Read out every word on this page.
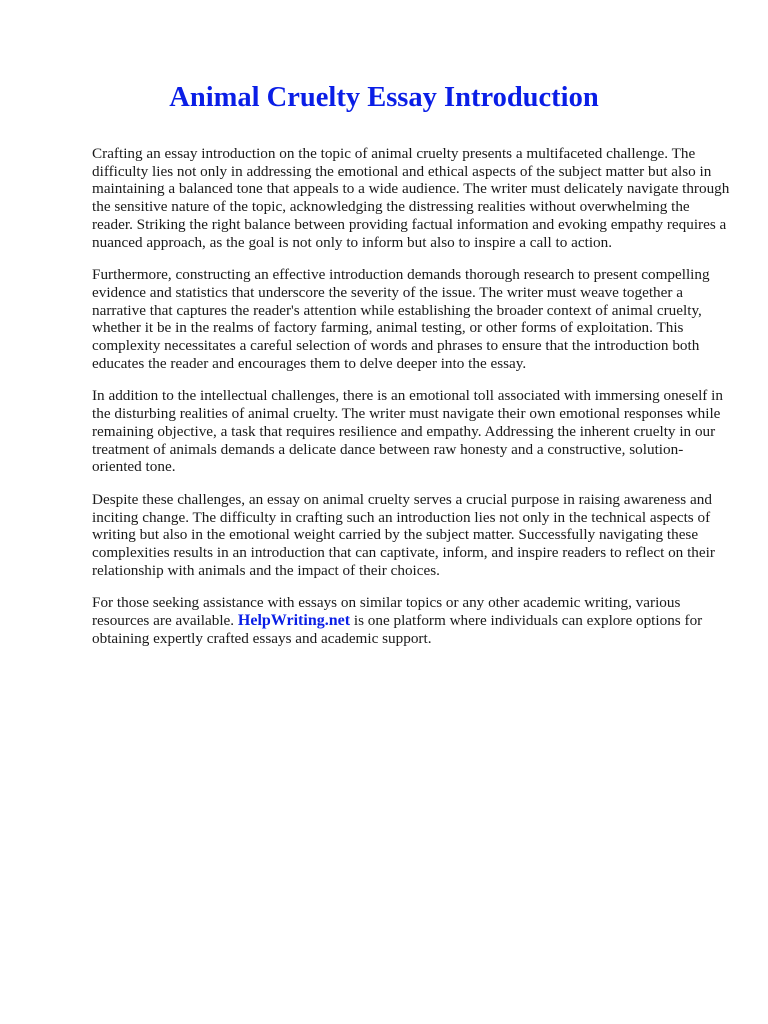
Animal Cruelty Essay Introduction

Crafting an essay introduction on the topic of animal cruelty presents a multifaceted challenge. The difficulty lies not only in addressing the emotional and ethical aspects of the subject matter but also in maintaining a balanced tone that appeals to a wide audience. The writer must delicately navigate through the sensitive nature of the topic, acknowledging the distressing realities without overwhelming the reader. Striking the right balance between providing factual information and evoking empathy requires a nuanced approach, as the goal is not only to inform but also to inspire a call to action.

Furthermore, constructing an effective introduction demands thorough research to present compelling evidence and statistics that underscore the severity of the issue. The writer must weave together a narrative that captures the reader's attention while establishing the broader context of animal cruelty, whether it be in the realms of factory farming, animal testing, or other forms of exploitation. This complexity necessitates a careful selection of words and phrases to ensure that the introduction both educates the reader and encourages them to delve deeper into the essay.

In addition to the intellectual challenges, there is an emotional toll associated with immersing oneself in the disturbing realities of animal cruelty. The writer must navigate their own emotional responses while remaining objective, a task that requires resilience and empathy. Addressing the inherent cruelty in our treatment of animals demands a delicate dance between raw honesty and a constructive, solution-oriented tone.

Despite these challenges, an essay on animal cruelty serves a crucial purpose in raising awareness and inciting change. The difficulty in crafting such an introduction lies not only in the technical aspects of writing but also in the emotional weight carried by the subject matter. Successfully navigating these complexities results in an introduction that can captivate, inform, and inspire readers to reflect on their relationship with animals and the impact of their choices.

For those seeking assistance with essays on similar topics or any other academic writing, various resources are available. HelpWriting.net is one platform where individuals can explore options for obtaining expertly crafted essays and academic support.
